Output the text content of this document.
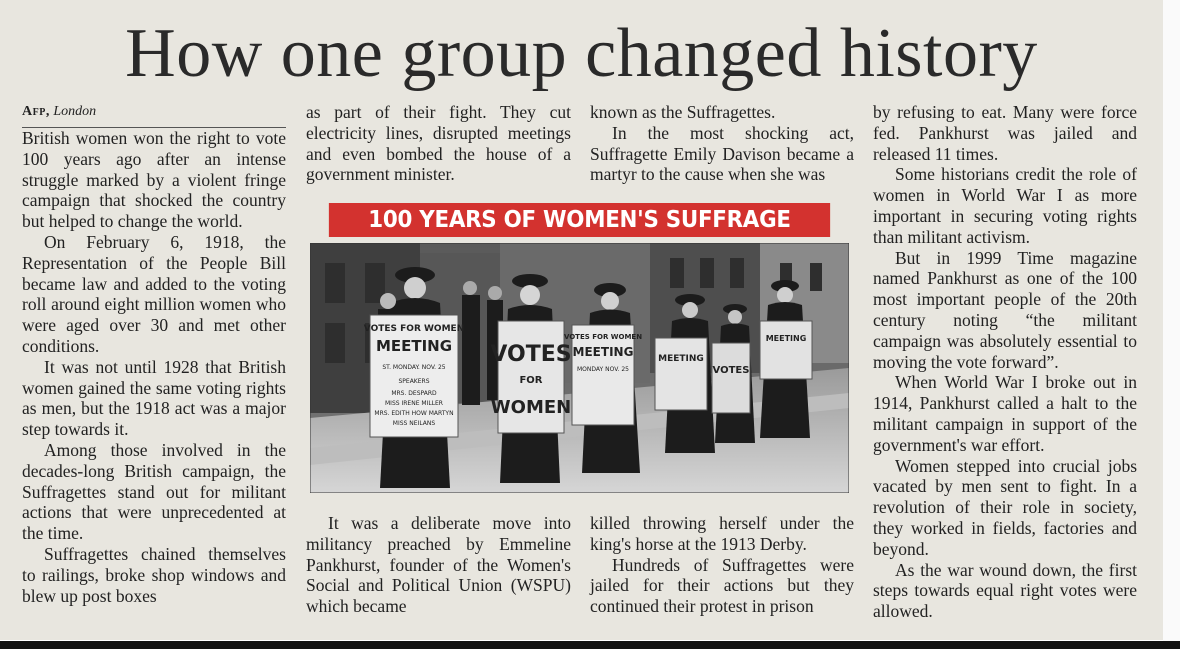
How one group changed history

Afp, London

British women won the right to vote 100 years ago after an intense struggle marked by a violent fringe campaign that shocked the country but helped to change the world.

On February 6, 1918, the Representation of the People Bill became law and added to the voting roll around eight million women who were aged over 30 and met other conditions.

It was not until 1928 that British women gained the same voting rights as men, but the 1918 act was a major step towards it.

Among those involved in the decades-long British campaign, the Suffragettes stand out for militant actions that were unprecedented at the time.

Suffragettes chained themselves to railings, broke shop windows and blew up post boxes

as part of their fight. They cut electricity lines, disrupted meetings and even bombed the house of a government minister.

known as the Suffragettes.

In the most shocking act, Suffragette Emily Davison became a martyr to the cause when she was

100 YEARS OF WOMEN'S SUFFRAGE
VOTES FOR WOMEN
MEETING
ST. MONDAY. NOV. 25
SPEAKERS
MRS. DESPARD
MISS IRENE MILLER
MRS. EDITH HOW MARTYN
MISS NEILANS
VOTES
FOR
WOMEN
VOTES FOR WOMEN
MEETING
MONDAY NOV. 25
MEETING
VOTES
MEETING

It was a deliberate move into militancy preached by Emmeline Pankhurst, founder of the Women's Social and Political Union (WSPU) which became

killed throwing herself under the king's horse at the 1913 Derby.

Hundreds of Suffragettes were jailed for their actions but they continued their protest in prison

by refusing to eat. Many were force fed. Pankhurst was jailed and released 11 times.

Some historians credit the role of women in World War I as more important in securing voting rights than militant activism.

But in 1999 Time magazine named Pankhurst as one of the 100 most important people of the 20th century noting “the militant campaign was absolutely essential to moving the vote forward”.

When World War I broke out in 1914, Pankhurst called a halt to the militant campaign in support of the government's war effort.

Women stepped into crucial jobs vacated by men sent to fight. In a revolution of their role in society, they worked in fields, factories and beyond.

As the war wound down, the first steps towards equal right votes were allowed.
